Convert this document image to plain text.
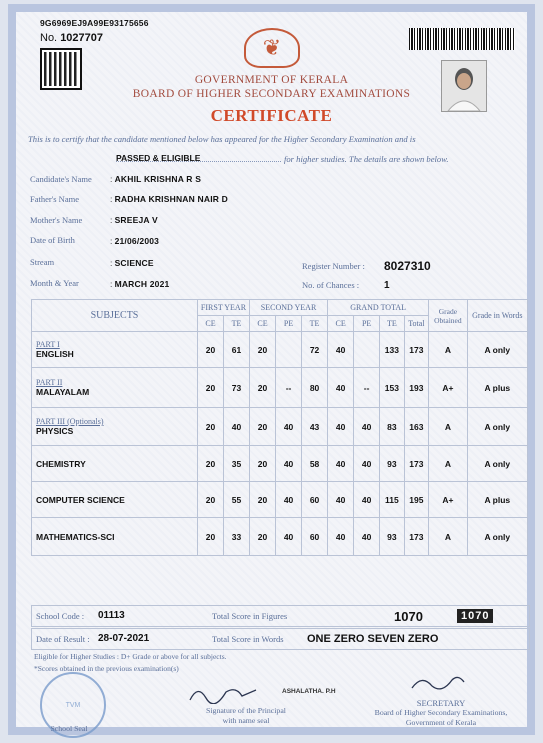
9G6969EJ9A99E93175656
No. 1027707	❦
GOVERNMENT OF KERALA
BOARD OF HIGHER SECONDARY EXAMINATIONS
CERTIFICATE
This is to certify that the candidate mentioned below has appeared for the Higher Secondary Examination and is
PASSED & ELIGIBLE	for higher studies. The details are shown below.
Candidate's Name	: AKHIL KRISHNA R S
Father's Name	: RADHA KRISHNAN NAIR D
Mother's Name	: SREEJA V
Date of Birth	: 21/06/2003
Stream	: SCIENCE
Month & Year	: MARCH 2021
Register Number : 8027310
No. of Chances : 1
SUBJECTS	FIRST YEAR		SECOND YEAR			GRAND TOTAL				Grade Obtained	Grade in Words
	CE	TE	CE	PE	TE	CE	PE	TE	Total		

PART I
ENGLISH	20	61	20		72	40		133	173	A	A only

PART II
MALAYALAM	20	73	20	--	80	40	--	153	193	A+	A plus

PART III (Optionals)
PHYSICS	20	40	20	40	43	40	40	83	163	A	A only

CHEMISTRY	20	35	20	40	58	40	40	93	173	A	A only

COMPUTER SCIENCE	20	55	20	40	60	40	40	115	195	A+	A plus

MATHEMATICS-SCI	20	33	20	40	60	40	40	93	173	A	A only
School Code : 01113	Total Score in Figures	1070	1070
Date of Result : 28-07-2021	Total Score in Words ONE ZERO SEVEN ZERO
Eligible for Higher Studies : D+ Grade or above for all subjects.
*Scores obtained in the previous examination(s)
TVM
School Seal
ASHALATHA. P.H
Signature of the Principal
with name seal
SECRETARY
Board of Higher Secondary Examinations,
Government of Kerala
